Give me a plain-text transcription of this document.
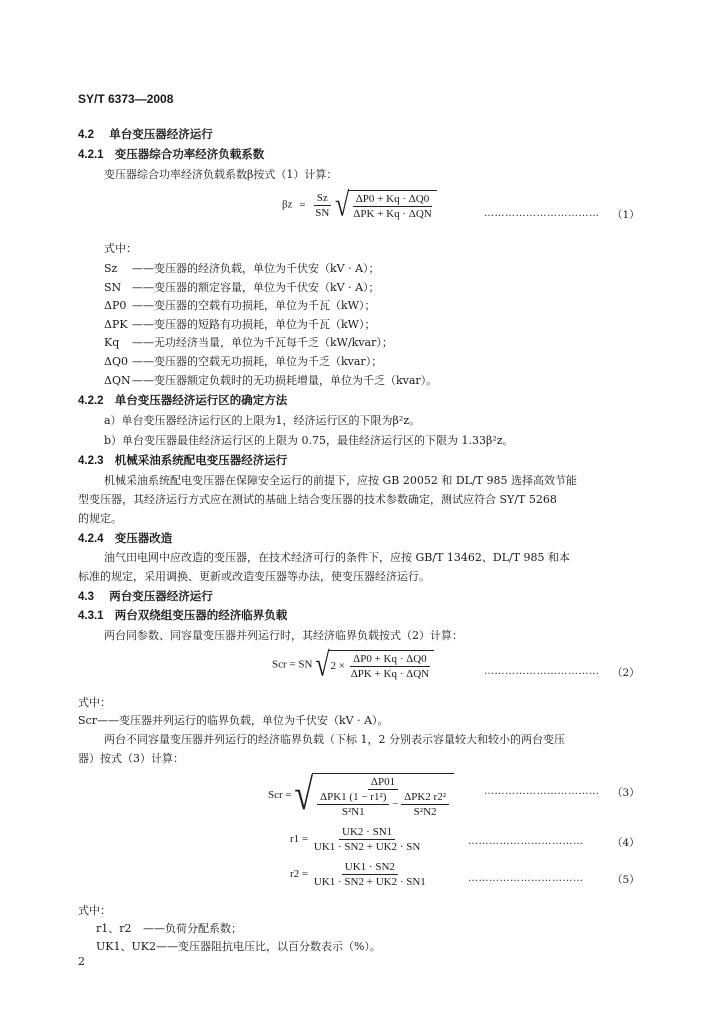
SY/T 6373—2008
4.2 单台变压器经济运行
4.2.1 变压器综合功率经济负载系数
变压器综合功率经济负载系数β按式（1）计算：
$\beta z = \frac{Sz}{SN}$
√ $\frac{\Delta P0 + Kq \cdot \Delta Q0}{\text{ΔPK + Kq · ΔQN}}$	…………………………… （1）
式中：
Sz ——变压器的经济负载，单位为千伏安（kV · A）；
SN ——变压器的额定容量，单位为千伏安（kV · A）；
ΔP0 ——变压器的空载有功损耗，单位为千瓦（kW）；
ΔPK ——变压器的短路有功损耗，单位为千瓦（kW）；
Kq ——无功经济当量，单位为千瓦每千乏（kW/kvar）；
ΔQ0 ——变压器的空载无功损耗，单位为千乏（kvar）；
ΔQN——变压器额定负载时的无功损耗增量，单位为千乏（kvar）。
4.2.2 单台变压器经济运行区的确定方法
a）单台变压器经济运行区的上限为1，经济运行区的下限为β²z。
b）单台变压器最佳经济运行区的上限为 0.75，最佳经济运行区的下限为 1.33β²z。
4.2.3 机械采油系统配电变压器经济运行
机械采油系统配电变压器在保障安全运行的前提下，应按 GB 20052 和 DL/T 985 选择高效节能
型变压器，其经济运行方式应在测试的基础上结合变压器的技术参数确定，测试应符合 SY/T 5268
的规定。
4.2.4 变压器改造
油气田电网中应改造的变压器，在技术经济可行的条件下，应按 GB/T 13462、DL/T 985 和本
标准的规定，采用调换、更新或改造变压器等办法，使变压器经济运行。
4.3 两台变压器经济运行
4.3.1 两台双绕组变压器的经济临界负载
两台同参数、同容量变压器并列运行时，其经济临界负载按式（2）计算：
Scr = SN √ $2 \times \frac{\Delta P0 + Kq \cdot \Delta Q0}{\text{ΔPK + Kq · ΔQN}}$	…………………………… （2）
式中：
Scr——变压器并列运行的临界负载，单位为千伏安（kV · A）。
两台不同容量变压器并列运行的经济临界负载（下标 1，2 分别表示容量较大和较小的两台变压
器）按式（3）计算：
Scr = √ $\frac{\Delta P01}{\frac{\text{ΔPK1 (1 − r1²)}}{\text{S²N1}} - \frac{\text{ΔPK2 r2²}}{\text{S²N2}}}$	…………………………… （3）
$r1 = \frac{UK2 \cdot SN1}{UK1 \cdot SN2 + UK2 \cdot SN}$	……………………………	（4）
$r2 = \frac{UK1 \cdot SN2}{UK1 \cdot SN2 + UK2 \cdot SN1}$	……………………………	（5）
式中：
r1、r2 ——负荷分配系数；
UK1、UK2——变压器阻抗电压比，以百分数表示（%）。
2
